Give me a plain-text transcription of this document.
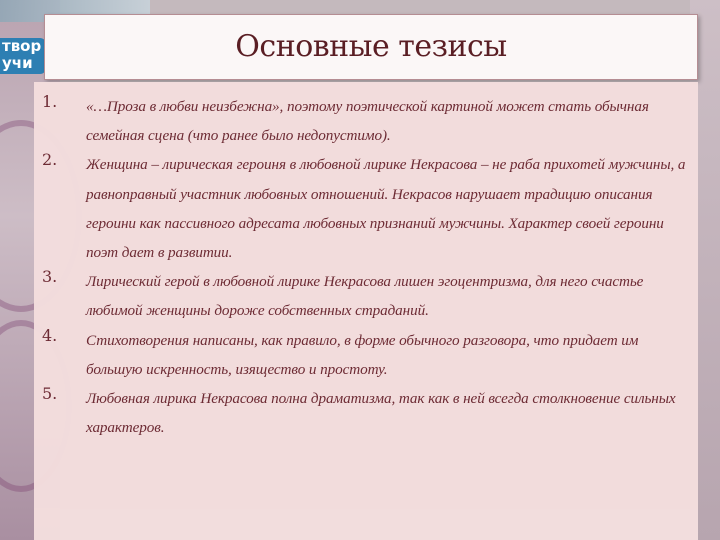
твор
учи	Основные тезисы
1. «…Проза в любви неизбежна», поэтому поэтической картиной может стать обычная семейная сцена (что ранее было недопустимо).
2. Женщина – лирическая героиня в любовной лирике Некрасова – не раба прихотей мужчины, а равноправный участник любовных отношений. Некрасов нарушает традицию описания героини как пассивного адресата любовных признаний мужчины. Характер своей героини поэт дает в развитии.
3. Лирический герой в любовной лирике Некрасова лишен эгоцентризма, для него счастье любимой женщины дороже собственных страданий.
4. Стихотворения написаны, как правило, в форме обычного разговора, что придает им большую искренность, изящество и простоту.
5. Любовная лирика Некрасова полна драматизма, так как в ней всегда столкновение сильных характеров.
